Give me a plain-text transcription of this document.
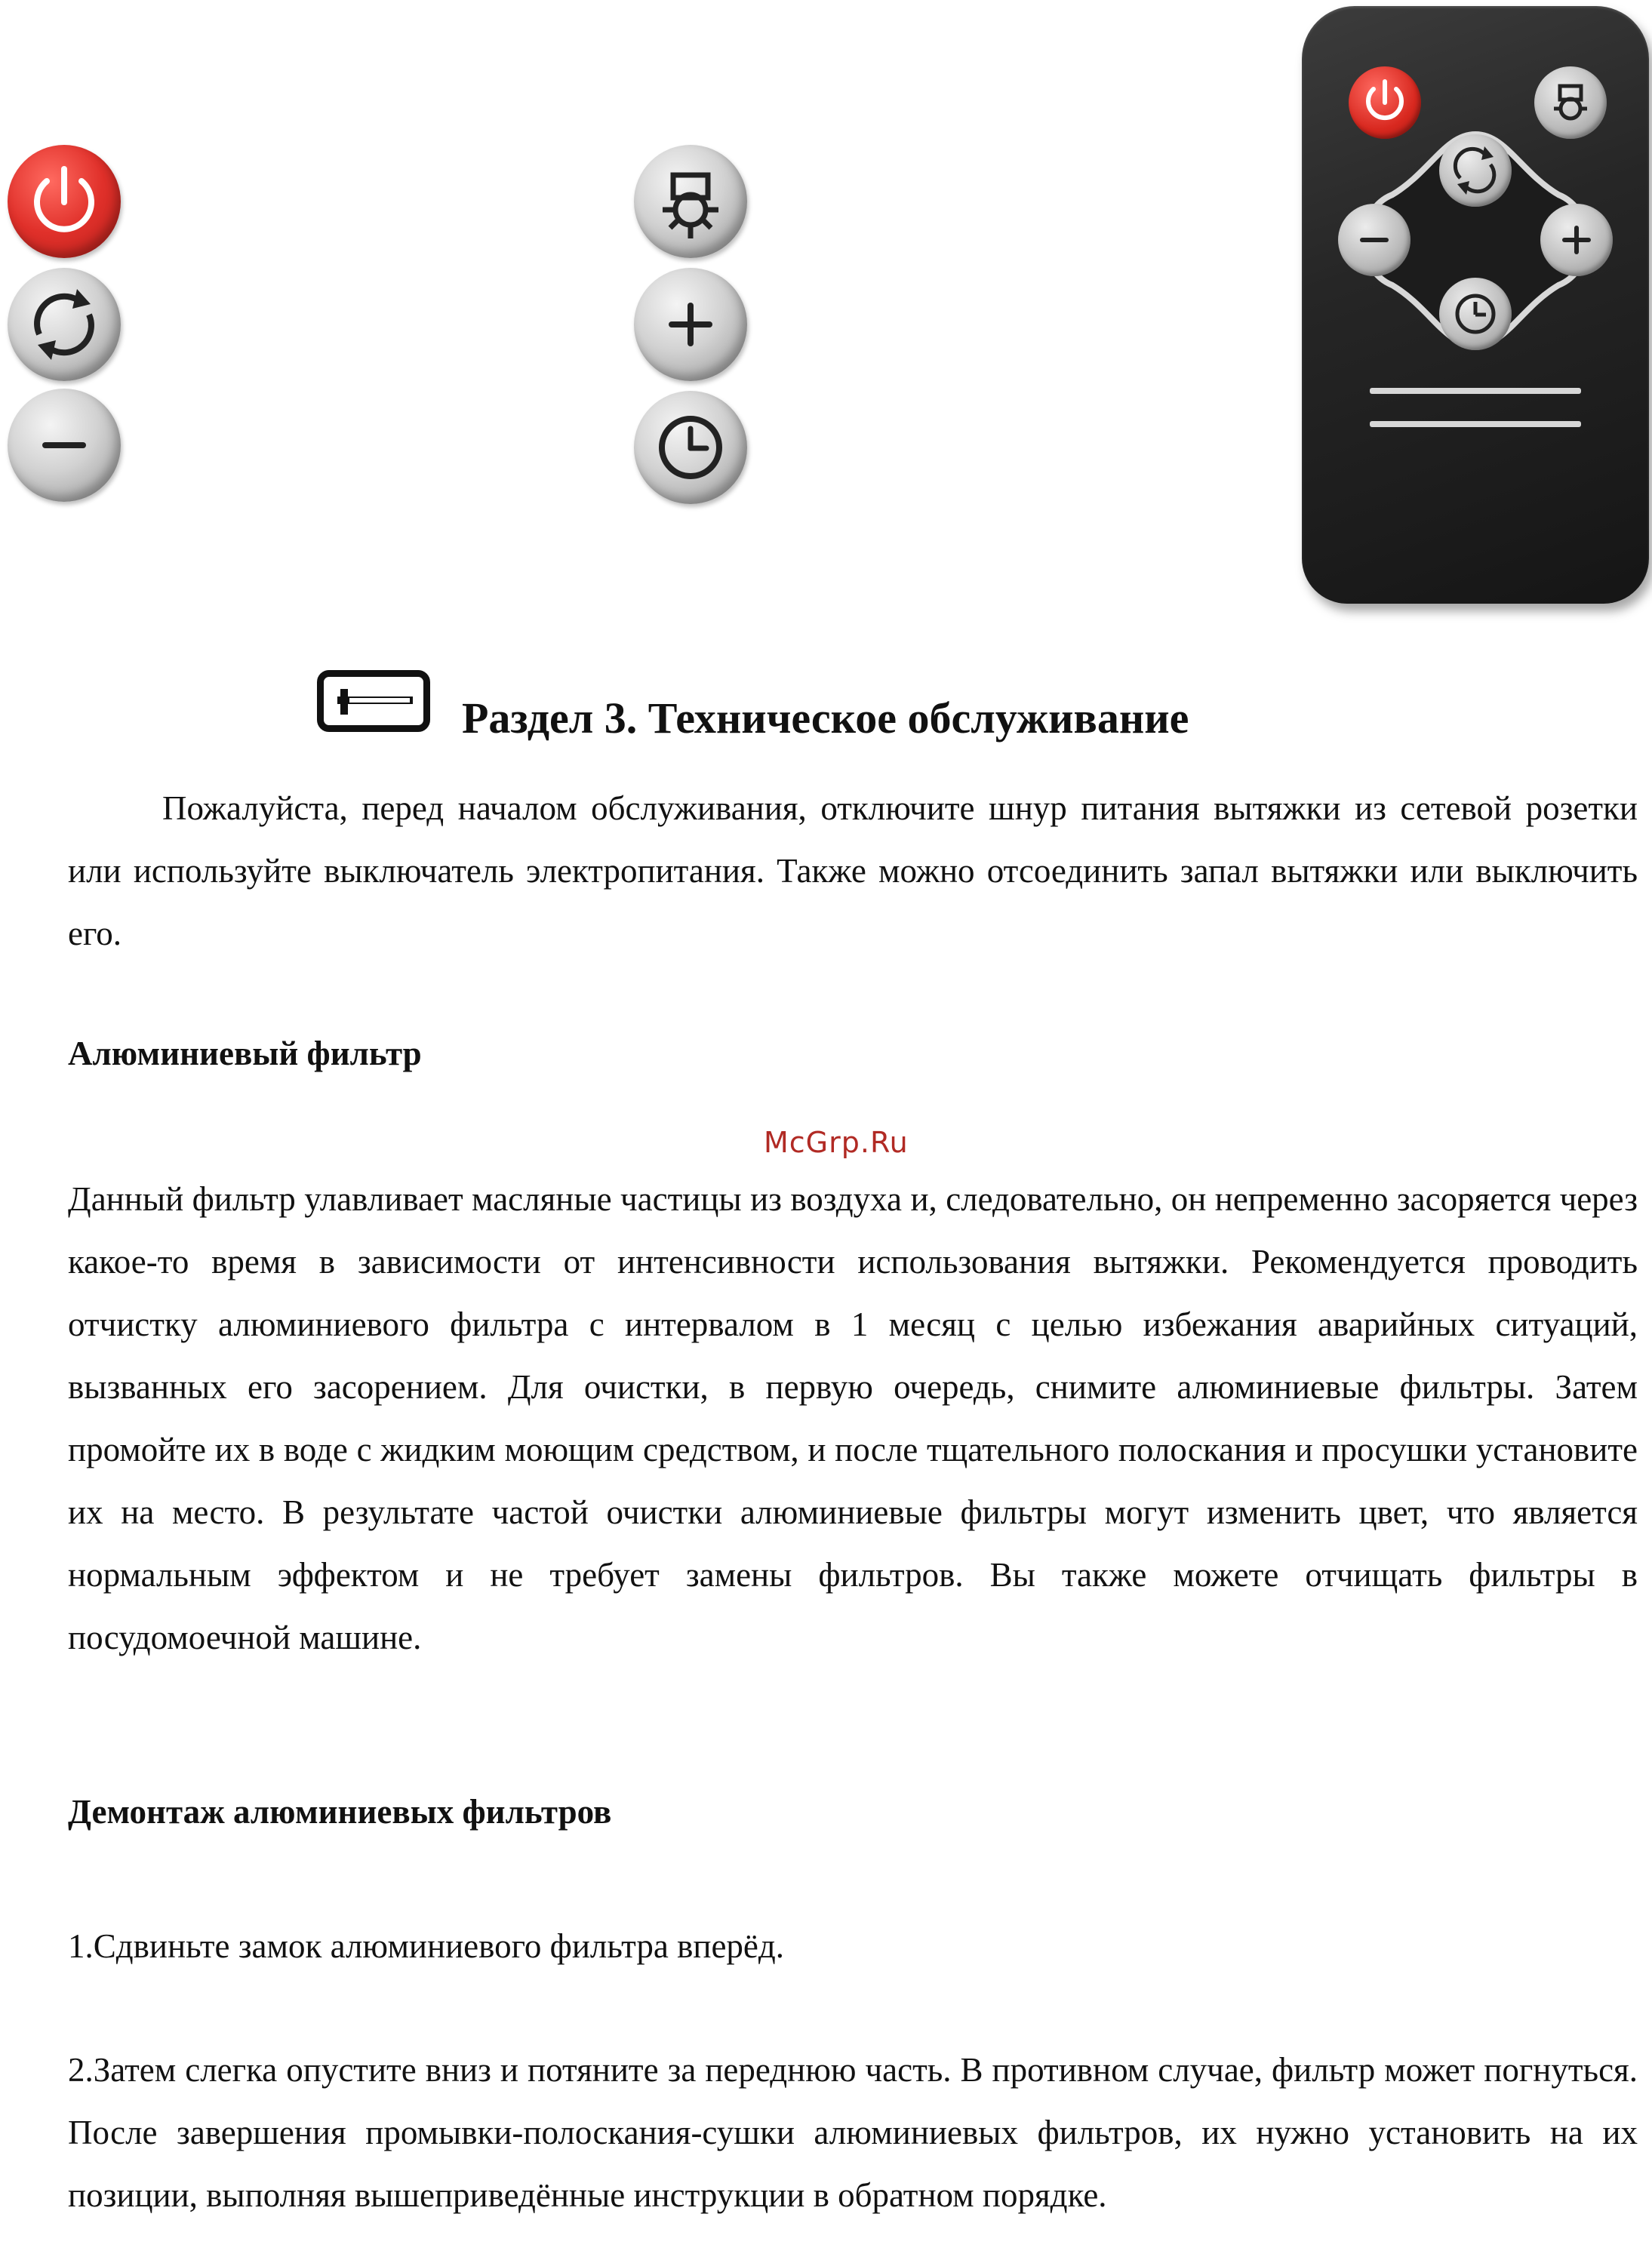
Раздел 3. Техническое обслуживание
Пожалуйста, перед началом обслуживания, отключите шнур питания вытяжки из сетевой розетки или используйте выключатель электропитания. Также можно отсоединить запал вытяжки или выключить его.
Алюминиевый фильтр
McGrp.Ru
Данный фильтр улавливает масляные частицы из воздуха и, следовательно, он непременно засоряется через какое-то время в зависимости от интенсивности использования вытяжки. Рекомендуется проводить отчистку алюминиевого фильтра с интервалом в 1 месяц с целью избежания аварийных ситуаций, вызванных его засорением. Для очистки, в первую очередь, снимите алюминиевые фильтры. Затем промойте их в воде с жидким моющим средством, и после тщательного полоскания и просушки установите их на место. В результате частой очистки алюминиевые фильтры могут изменить цвет, что является нормальным эффектом и не требует замены фильтров. Вы также можете отчищать фильтры в посудомоечной машине.
Демонтаж алюминиевых фильтров
1.Сдвиньте замок алюминиевого фильтра вперёд.
2.Затем слегка опустите вниз и потяните за переднюю часть. В противном случае, фильтр может погнуться. После завершения промывки-полоскания-сушки алюминиевых фильтров, их нужно установить на их позиции, выполняя вышеприведённые инструкции в обратном порядке.
